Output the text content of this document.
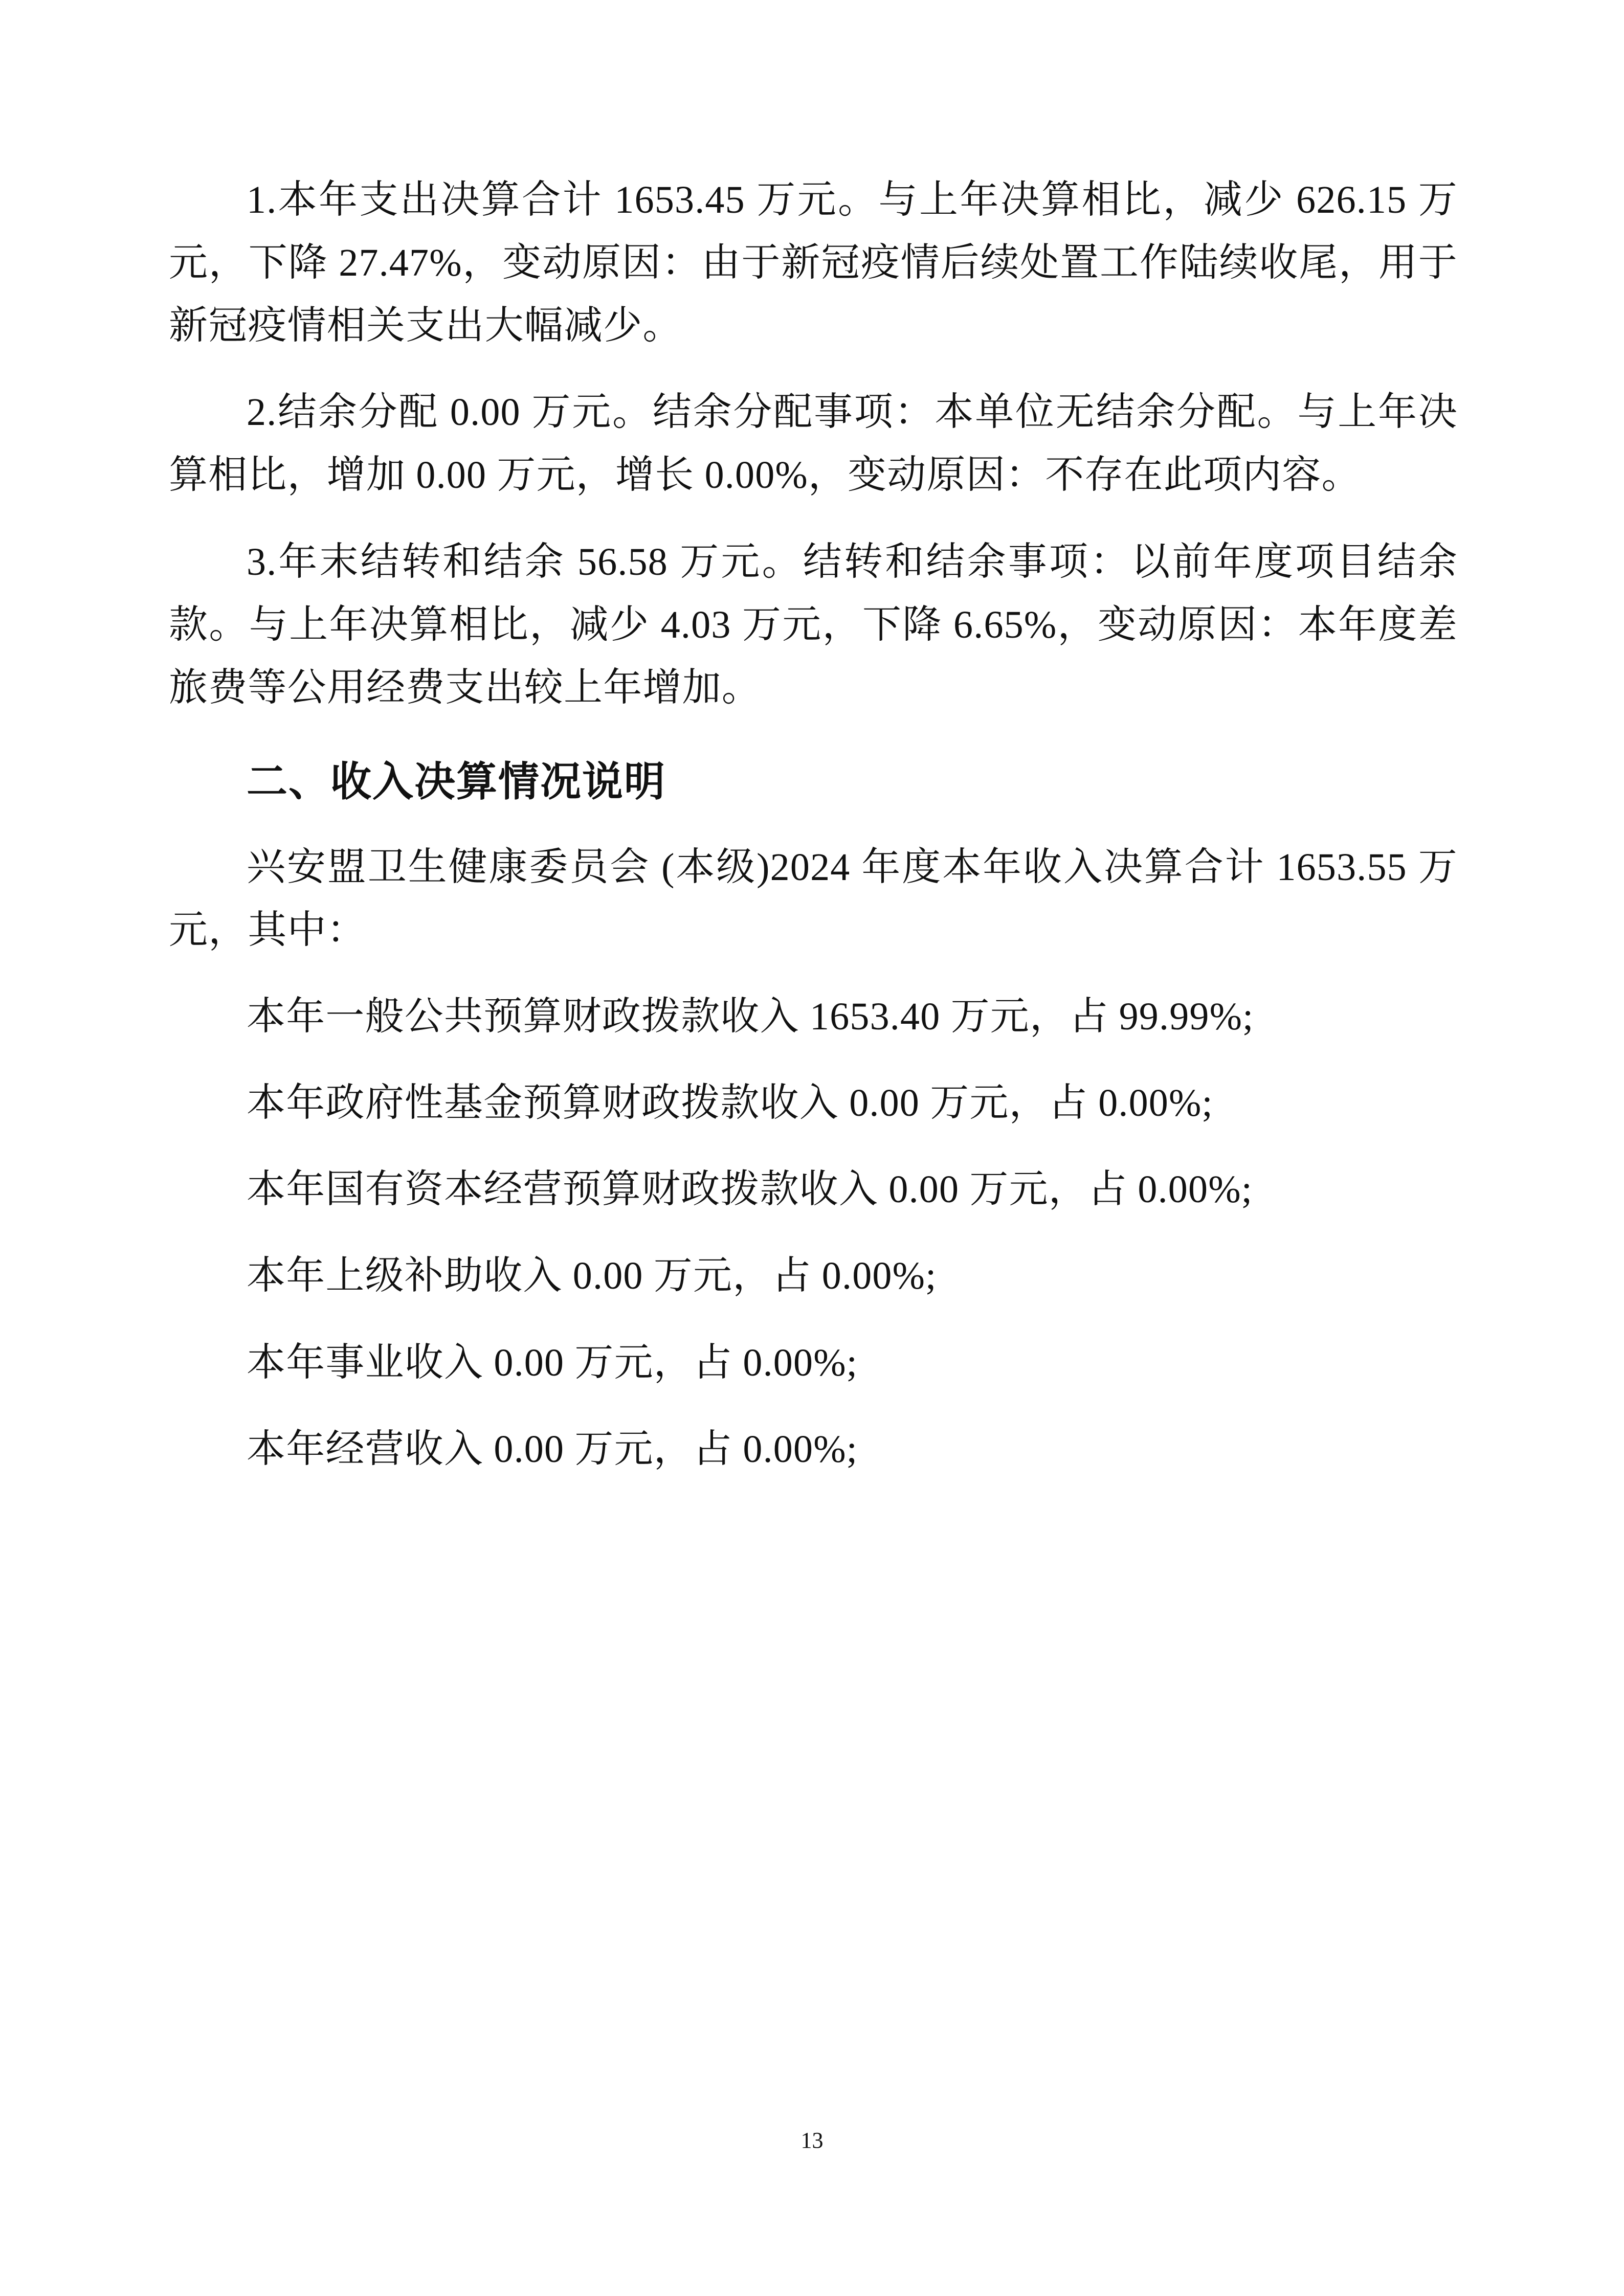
1.本年支出决算合计 1653.45 万元。与上年决算相比，减少 626.15 万元，下降 27.47%，变动原因：由于新冠疫情后续处置工作陆续收尾，用于新冠疫情相关支出大幅减少。

2.结余分配 0.00 万元。结余分配事项：本单位无结余分配。与上年决算相比，增加 0.00 万元，增长 0.00%，变动原因：不存在此项内容。

3.年末结转和结余 56.58 万元。结转和结余事项：以前年度项目结余款。与上年决算相比，减少 4.03 万元，下降 6.65%，变动原因：本年度差旅费等公用经费支出较上年增加。

二、收入决算情况说明

兴安盟卫生健康委员会 (本级)2024 年度本年收入决算合计 1653.55 万元，其中：

本年一般公共预算财政拨款收入 1653.40 万元，占 99.99%;

本年政府性基金预算财政拨款收入 0.00 万元，占 0.00%;

本年国有资本经营预算财政拨款收入 0.00 万元，占 0.00%;

本年上级补助收入 0.00 万元，占 0.00%;

本年事业收入 0.00 万元，占 0.00%;

本年经营收入 0.00 万元，占 0.00%;

13
